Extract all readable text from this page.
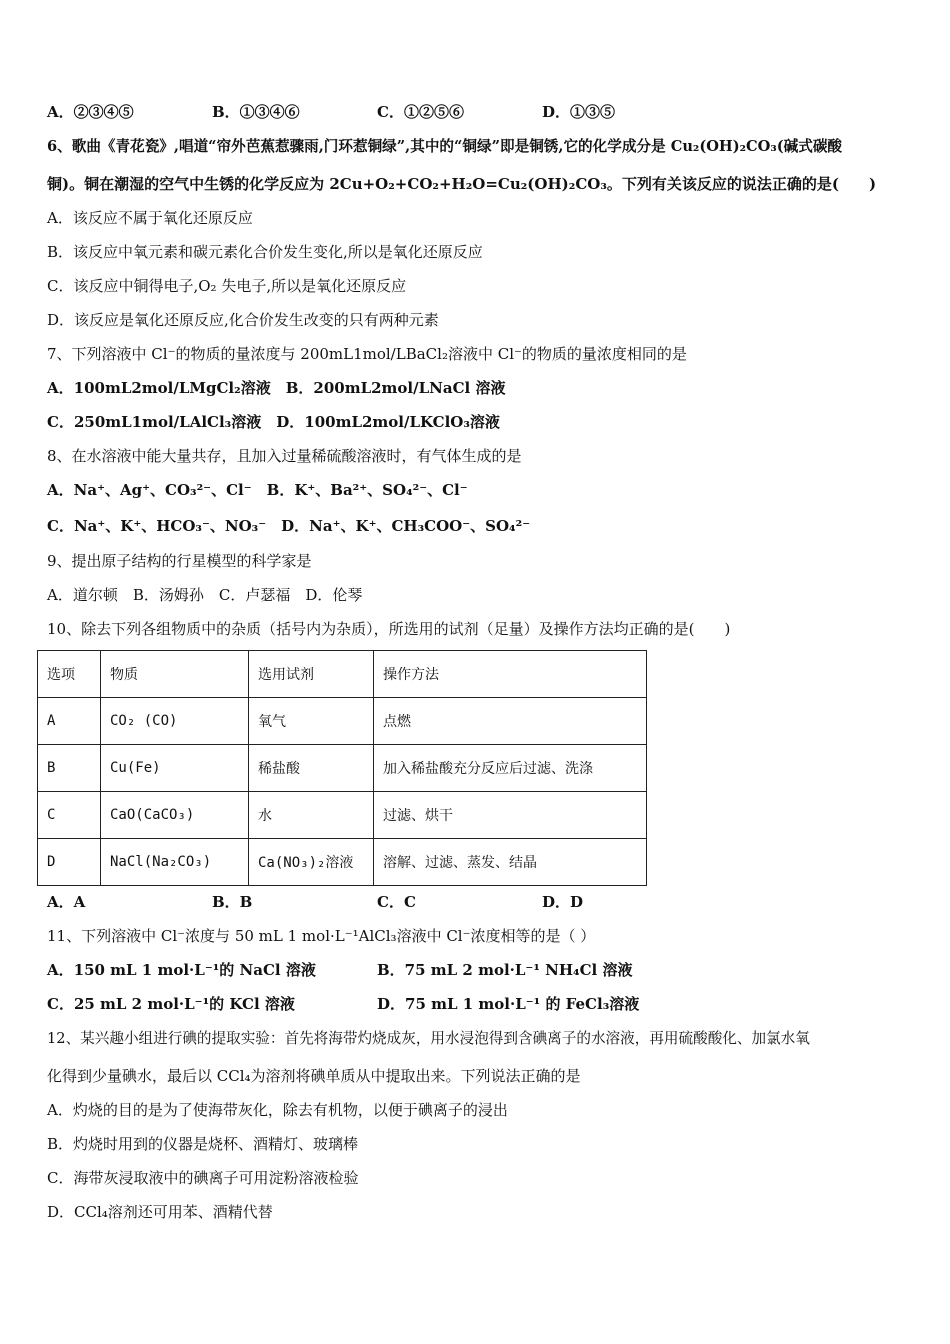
A．②③④⑤	B．①③④⑥	C．①②⑤⑥	D．①③⑤
6、歌曲《青花瓷》,唱道“帘外芭蕉惹骤雨,门环惹铜绿”,其中的“铜绿”即是铜锈,它的化学成分是 Cu₂(OH)₂CO₃(碱式碳酸
铜)。铜在潮湿的空气中生锈的化学反应为 2Cu+O₂+CO₂+H₂O=Cu₂(OH)₂CO₃。下列有关该反应的说法正确的是(　　)
A．该反应不属于氧化还原反应
B．该反应中氧元素和碳元素化合价发生变化,所以是氧化还原反应
C．该反应中铜得电子,O₂ 失电子,所以是氧化还原反应
D．该反应是氧化还原反应,化合价发生改变的只有两种元素
7、下列溶液中 Cl⁻的物质的量浓度与 200mL1mol/LBaCl₂溶液中 Cl⁻的物质的量浓度相同的是
A．100mL2mol/LMgCl₂溶液　B．200mL2mol/LNaCl 溶液
C．250mL1mol/LAlCl₃溶液　D．100mL2mol/LKClO₃溶液
8、在水溶液中能大量共存，且加入过量稀硫酸溶液时，有气体生成的是
A．Na⁺、Ag⁺、CO₃²⁻、Cl⁻　B．K⁺、Ba²⁺、SO₄²⁻、Cl⁻
C．Na⁺、K⁺、HCO₃⁻、NO₃⁻　D．Na⁺、K⁺、CH₃COO⁻、SO₄²⁻
9、提出原子结构的行星模型的科学家是
A．道尔顿　B．汤姆孙　C．卢瑟福　D．伦琴
10、除去下列各组物质中的杂质（括号内为杂质），所选用的试剂（足量）及操作方法均正确的是(　　)
选项	物质	选用试剂	操作方法
A	CO₂ (CO)	氧气	点燃
B	Cu(Fe)	稀盐酸	加入稀盐酸充分反应后过滤、洗涤
C	CaO(CaCO₃)	水	过滤、烘干
D	NaCl(Na₂CO₃)	Ca(NO₃)₂溶液	溶解、过滤、蒸发、结晶
A．A	B．B	C．C	D．D
11、下列溶液中 Cl⁻浓度与 50 mL 1 mol·L⁻¹AlCl₃溶液中 Cl⁻浓度相等的是（ ）
A．150 mL 1 mol·L⁻¹的 NaCl 溶液	B．75 mL 2 mol·L⁻¹ NH₄Cl 溶液
C．25 mL 2 mol·L⁻¹的 KCl 溶液	D．75 mL 1 mol·L⁻¹ 的 FeCl₃溶液
12、某兴趣小组进行碘的提取实验：首先将海带灼烧成灰，用水浸泡得到含碘离子的水溶液，再用硫酸酸化、加氯水氧
化得到少量碘水，最后以 CCl₄为溶剂将碘单质从中提取出来。下列说法正确的是
A．灼烧的目的是为了使海带灰化，除去有机物，以便于碘离子的浸出
B．灼烧时用到的仪器是烧杯、酒精灯、玻璃棒
C．海带灰浸取液中的碘离子可用淀粉溶液检验
D．CCl₄溶剂还可用苯、酒精代替
